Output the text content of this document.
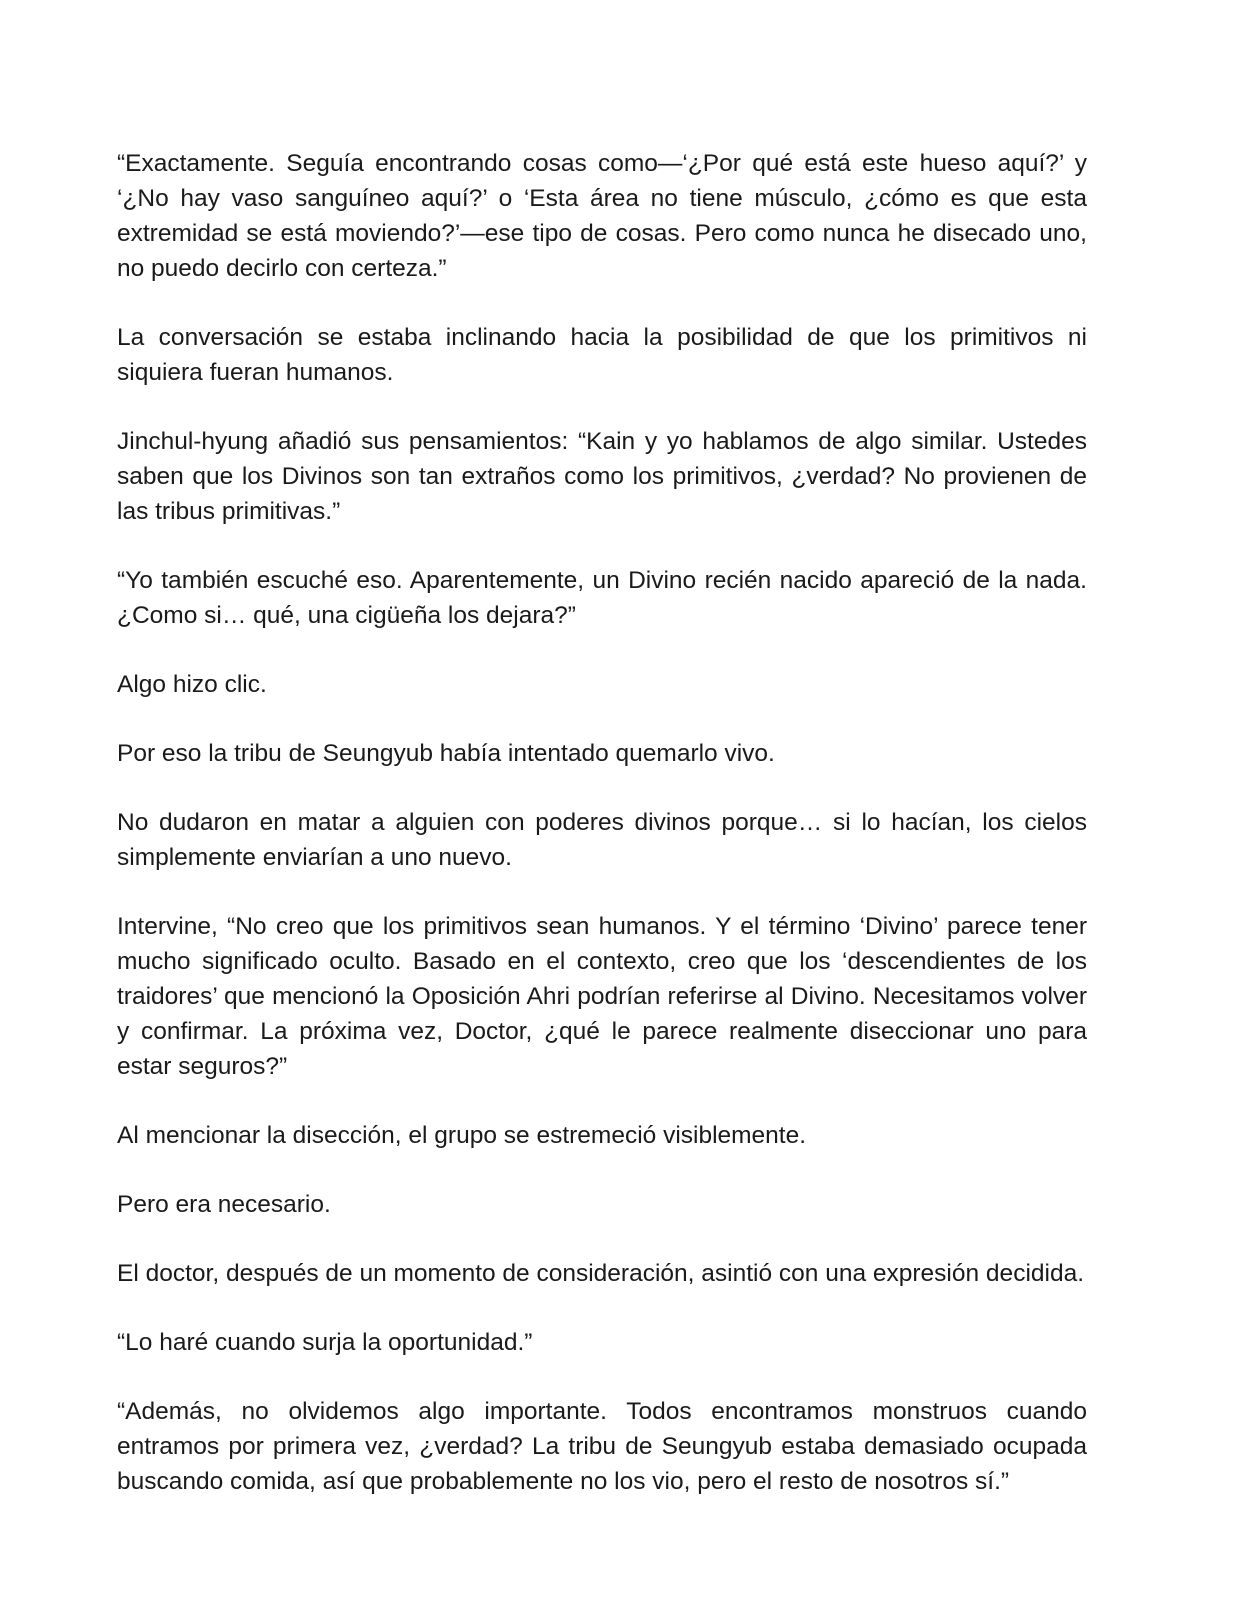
“Exactamente. Seguía encontrando cosas como—‘¿Por qué está este hueso aquí?’ y ‘¿No hay vaso sanguíneo aquí?’ o ‘Esta área no tiene músculo, ¿cómo es que esta extremidad se está moviendo?’—ese tipo de cosas. Pero como nunca he disecado uno, no puedo decirlo con certeza.”

La conversación se estaba inclinando hacia la posibilidad de que los primitivos ni siquiera fueran humanos.

Jinchul-hyung añadió sus pensamientos: “Kain y yo hablamos de algo similar. Ustedes saben que los Divinos son tan extraños como los primitivos, ¿verdad? No provienen de las tribus primitivas.”

“Yo también escuché eso. Aparentemente, un Divino recién nacido apareció de la nada. ¿Como si… qué, una cigüeña los dejara?”

Algo hizo clic.

Por eso la tribu de Seungyub había intentado quemarlo vivo.

No dudaron en matar a alguien con poderes divinos porque… si lo hacían, los cielos simplemente enviarían a uno nuevo.

Intervine, “No creo que los primitivos sean humanos. Y el término ‘Divino’ parece tener mucho significado oculto. Basado en el contexto, creo que los ‘descendientes de los traidores’ que mencionó la Oposición Ahri podrían referirse al Divino. Necesitamos volver y confirmar. La próxima vez, Doctor, ¿qué le parece realmente diseccionar uno para estar seguros?”

Al mencionar la disección, el grupo se estremeció visiblemente.

Pero era necesario.

El doctor, después de un momento de consideración, asintió con una expresión decidida.

“Lo haré cuando surja la oportunidad.”

“Además, no olvidemos algo importante. Todos encontramos monstruos cuando entramos por primera vez, ¿verdad? La tribu de Seungyub estaba demasiado ocupada buscando comida, así que probablemente no los vio, pero el resto de nosotros sí.”
